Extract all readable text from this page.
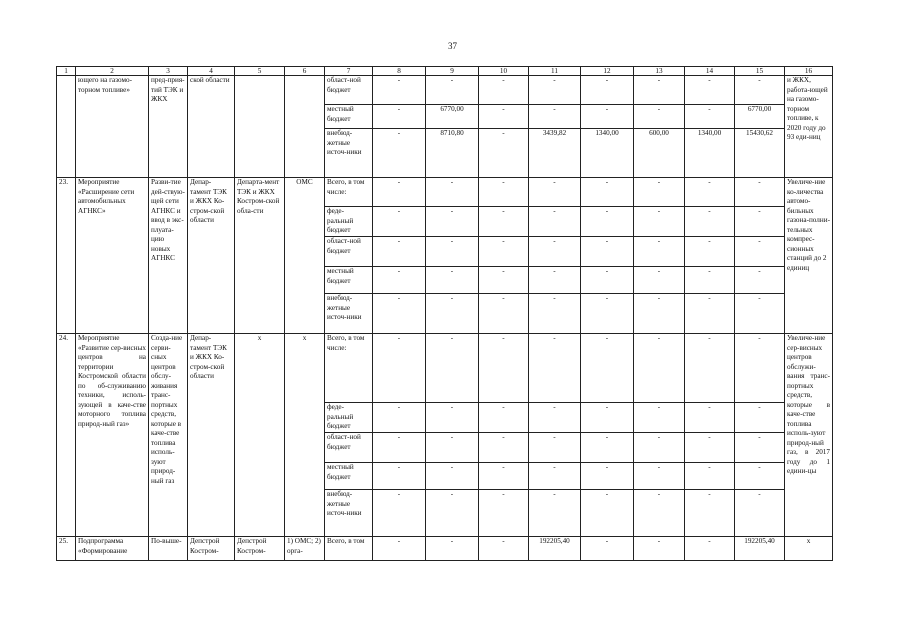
37
1	2	3	4	5	6	7	8	9	10	11	12	13	14	15	16
	ющего на газомо-торном топливе»	пред-прия-тий ТЭК и ЖКХ	ской области			област-ной бюджет	-	-	-	-	-	-	-	-	и ЖКХ, работа-ющей на газомо-торном топливе, к 2020 году до 93 еди-ниц
						местный бюджет	-	6770,00	-	-	-	-	-	6770,00	
						внебюд-жетные источ-ники	-	8710,80	-	3439,82	1340,00	600,00	1340,00	15430,62	
23.	Мероприятие «Расширение сети автомобильных АГНКС»	Разви-тие дей-ствую-щей сети АГНКС и ввод в экс-плуата-цию новых АГНКС	Депар-тамент ТЭК и ЖКХ Ко-стром-ской области	Департа-мент ТЭК и ЖКХ Костром-ской обла-сти	ОМС	Всего, в том числе:	-	-	-	-	-	-	-	-	Увеличе-ние ко-личества автомо-бильных газона-полни-тельных компрес-сионных станций до 2 единиц
						феде-ральный бюджет	-	-	-	-	-	-	-	-	
						област-ной бюджет	-	-	-	-	-	-	-	-	
						местный бюджет	-	-	-	-	-	-	-	-	
						внебюд-жетные источ-ники	-	-	-	-	-	-	-	-	
24.	Мероприятие «Развитие сер-висных центров на территории Костромской области по об-служиванию техники, исполь-зующей в каче-стве моторного топлива природ-ный газ»	Созда-ние серви-сных центров обслу-живания транс-портных средств, которые в каче-стве топлива исполь-зуют природ-ный газ	Депар-тамент ТЭК и ЖКХ Ко-стром-ской области	х	х	Всего, в том числе:	-	-	-	-	-	-	-	-	Увеличе-ние сер-висных центров обслужи-вания транс-портных средств, которые в каче-стве топлива исполь-зуют природ-ный газ, в 2017 году до 1 едини-цы
						феде-ральный бюджет	-	-	-	-	-	-	-	-	
						област-ной бюджет	-	-	-	-	-	-	-	-	
						местный бюджет	-	-	-	-	-	-	-	-	
						внебюд-жетные источ-ники	-	-	-	-	-	-	-	-	
25.	Подпрограмма «Формирование	По-выше-	Депстрой Костром-	Депстрой Костром-	1) ОМС; 2) орга-	Всего, в том	-	-	-	192205,40	-	-	-	192205,40	х
